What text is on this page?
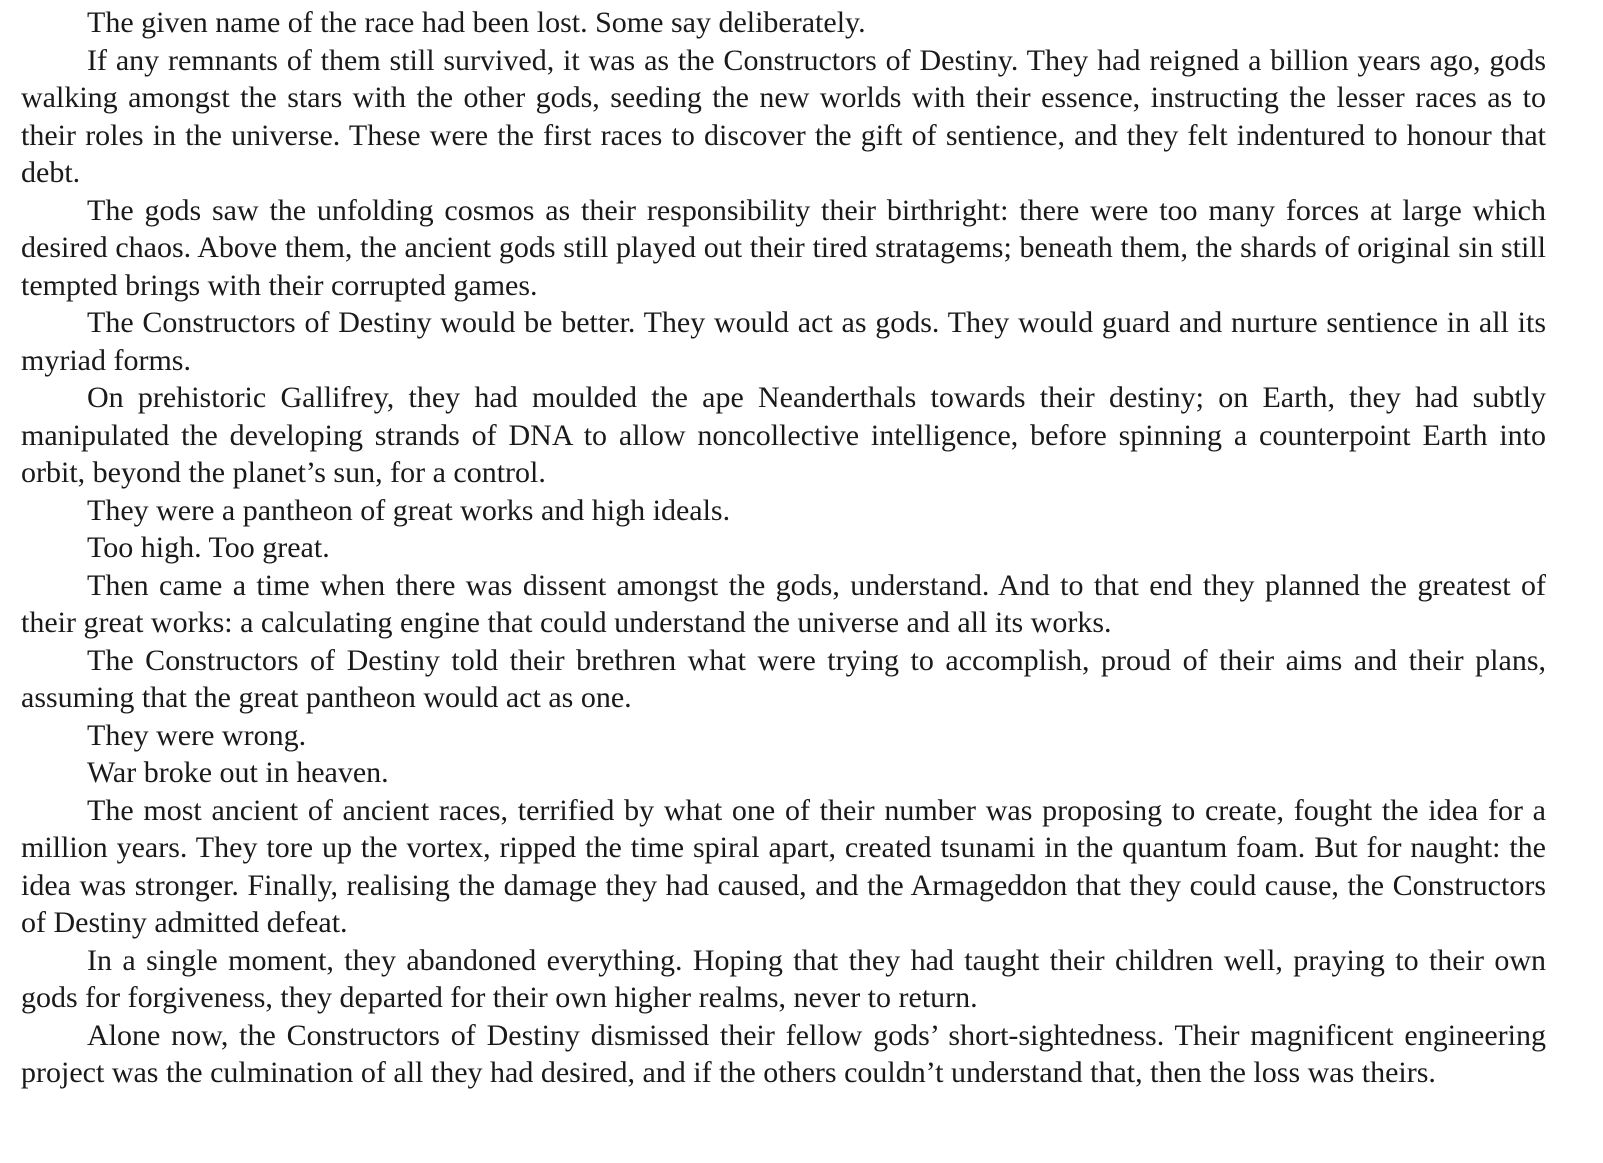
The given name of the race had been lost. Some say deliberately.

If any remnants of them still survived, it was as the Constructors of Destiny. They had reigned a billion years ago, gods walking amongst the stars with the other gods, seeding the new worlds with their essence, instructing the lesser races as to their roles in the universe. These were the first races to discover the gift of sentience, and they felt indentured to honour that debt.

The gods saw the unfolding cosmos as their responsibility their birthright: there were too many forces at large which desired chaos. Above them, the ancient gods still played out their tired stratagems; beneath them, the shards of original sin still tempted brings with their corrupted games.

The Constructors of Destiny would be better. They would act as gods. They would guard and nurture sentience in all its myriad forms.

On prehistoric Gallifrey, they had moulded the ape Neanderthals towards their destiny; on Earth, they had subtly manipulated the developing strands of DNA to allow noncollective intelligence, before spinning a counterpoint Earth into orbit, beyond the planet’s sun, for a control.

They were a pantheon of great works and high ideals.

Too high. Too great.

Then came a time when there was dissent amongst the gods, understand. And to that end they planned the greatest of their great works: a calculating engine that could understand the universe and all its works.

The Constructors of Destiny told their brethren what were trying to accomplish, proud of their aims and their plans, assuming that the great pantheon would act as one.

They were wrong.

War broke out in heaven.

The most ancient of ancient races, terrified by what one of their number was proposing to create, fought the idea for a million years. They tore up the vortex, ripped the time spiral apart, created tsunami in the quantum foam. But for naught: the idea was stronger. Finally, realising the damage they had caused, and the Armageddon that they could cause, the Constructors of Destiny admitted defeat.

In a single moment, they abandoned everything. Hoping that they had taught their children well, praying to their own gods for forgiveness, they departed for their own higher realms, never to return.

Alone now, the Constructors of Destiny dismissed their fellow gods’ short-sightedness. Their magnificent engineering project was the culmination of all they had desired, and if the others couldn’t understand that, then the loss was theirs.
